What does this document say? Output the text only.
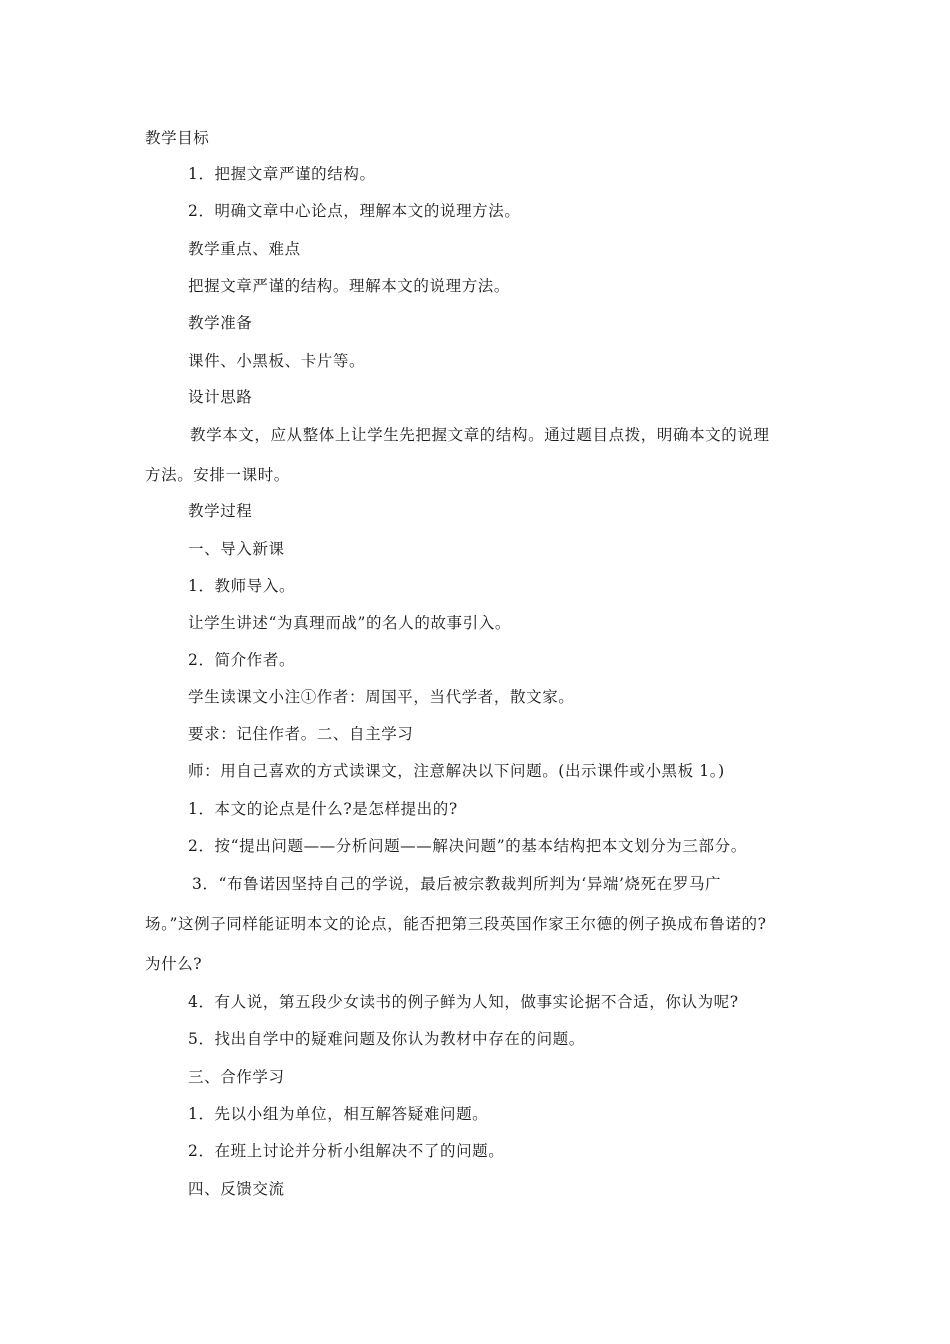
教学目标
1．把握文章严谨的结构。
2．明确文章中心论点，理解本文的说理方法。
教学重点、难点
把握文章严谨的结构。理解本文的说理方法。
教学准备
课件、小黑板、卡片等。
设计思路
教学本文，应从整体上让学生先把握文章的结构。通过题目点拨，明确本文的说理
方法。安排一课时。
教学过程
一、导入新课
1．教师导入。
让学生讲述“为真理而战”的名人的故事引入。
2．简介作者。
学生读课文小注①作者：周国平，当代学者，散文家。
要求：记住作者。二、自主学习
师：用自己喜欢的方式读课文，注意解决以下问题。(出示课件或小黑板 1。)
1．本文的论点是什么?是怎样提出的?
2．按“提出问题——分析问题——解决问题”的基本结构把本文划分为三部分。
3．“布鲁诺因坚持自己的学说，最后被宗教裁判所判为‘异端’烧死在罗马广
场。”这例子同样能证明本文的论点，能否把第三段英国作家王尔德的例子换成布鲁诺的?
为什么?
4．有人说，第五段少女读书的例子鲜为人知，做事实论据不合适，你认为呢?
5．找出自学中的疑难问题及你认为教材中存在的问题。
三、合作学习
1．先以小组为单位，相互解答疑难问题。
2．在班上讨论并分析小组解决不了的问题。
四、反馈交流
